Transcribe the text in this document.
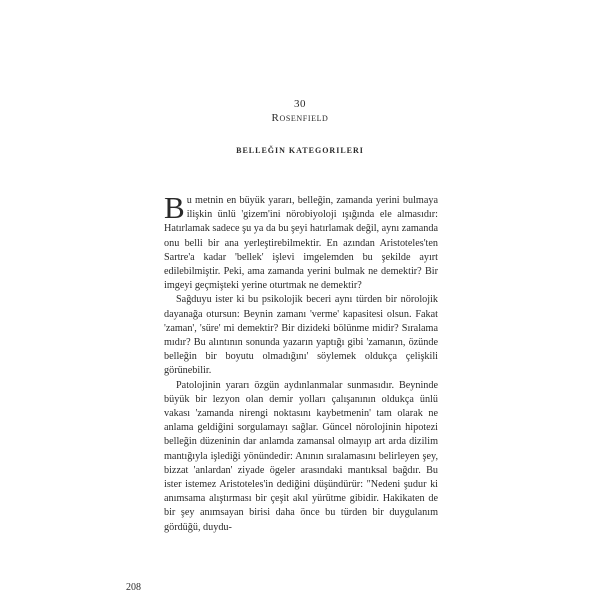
30
Rosenfield
BELLEĞIN KATEGORILERI

Bu metnin en büyük yararı, belleğin, zamanda yerini bulmaya ilişkin ünlü 'gizem'ini nörobiyoloji ışığında ele almasıdır: Hatırlamak sadece şu ya da bu şeyi hatırlamak değil, aynı zamanda onu belli bir ana yerleştirebilmektir. En azından Aristoteles'ten Sartre'a kadar 'bellek' işlevi imgelemden bu şekilde ayırt edilebilmiştir. Peki, ama zamanda yerini bulmak ne demektir? Bir imgeyi geçmişteki yerine oturtmak ne demektir?

Sağduyu ister ki bu psikolojik beceri aynı türden bir nörolojik dayanağa otursun: Beynin zamanı 'verme' kapasitesi olsun. Fakat 'zaman', 'süre' mi demektir? Bir dizideki bölünme midir? Sıralama mıdır? Bu alıntının sonunda yazarın yaptığı gibi 'zamanın, özünde belleğin bir boyutu olmadığını' söylemek oldukça çelişkili görünebilir.

Patolojinin yararı özgün aydınlanmalar sunmasıdır. Beyninde büyük bir lezyon olan demir yolları çalışanının oldukça ünlü vakası 'zamanda nirengi noktasını kaybetmenin' tam olarak ne anlama geldiğini sorgulamayı sağlar. Güncel nörolojinin hipotezi belleğin düzeninin dar anlamda zamansal olmayıp art arda dizilim mantığıyla işlediği yönündedir: Anının sıralamasını belirleyen şey, bizzat 'anlardan' ziyade ögeler arasındaki mantıksal bağdır. Bu ister istemez Aristoteles'in dediğini düşündürür: "Nedeni şudur ki anımsama alıştırması bir çeşit akıl yürütme gibidir. Hakikaten de bir şey anımsayan birisi daha önce bu türden bir duygulanım gördüğü, duydu-

208
